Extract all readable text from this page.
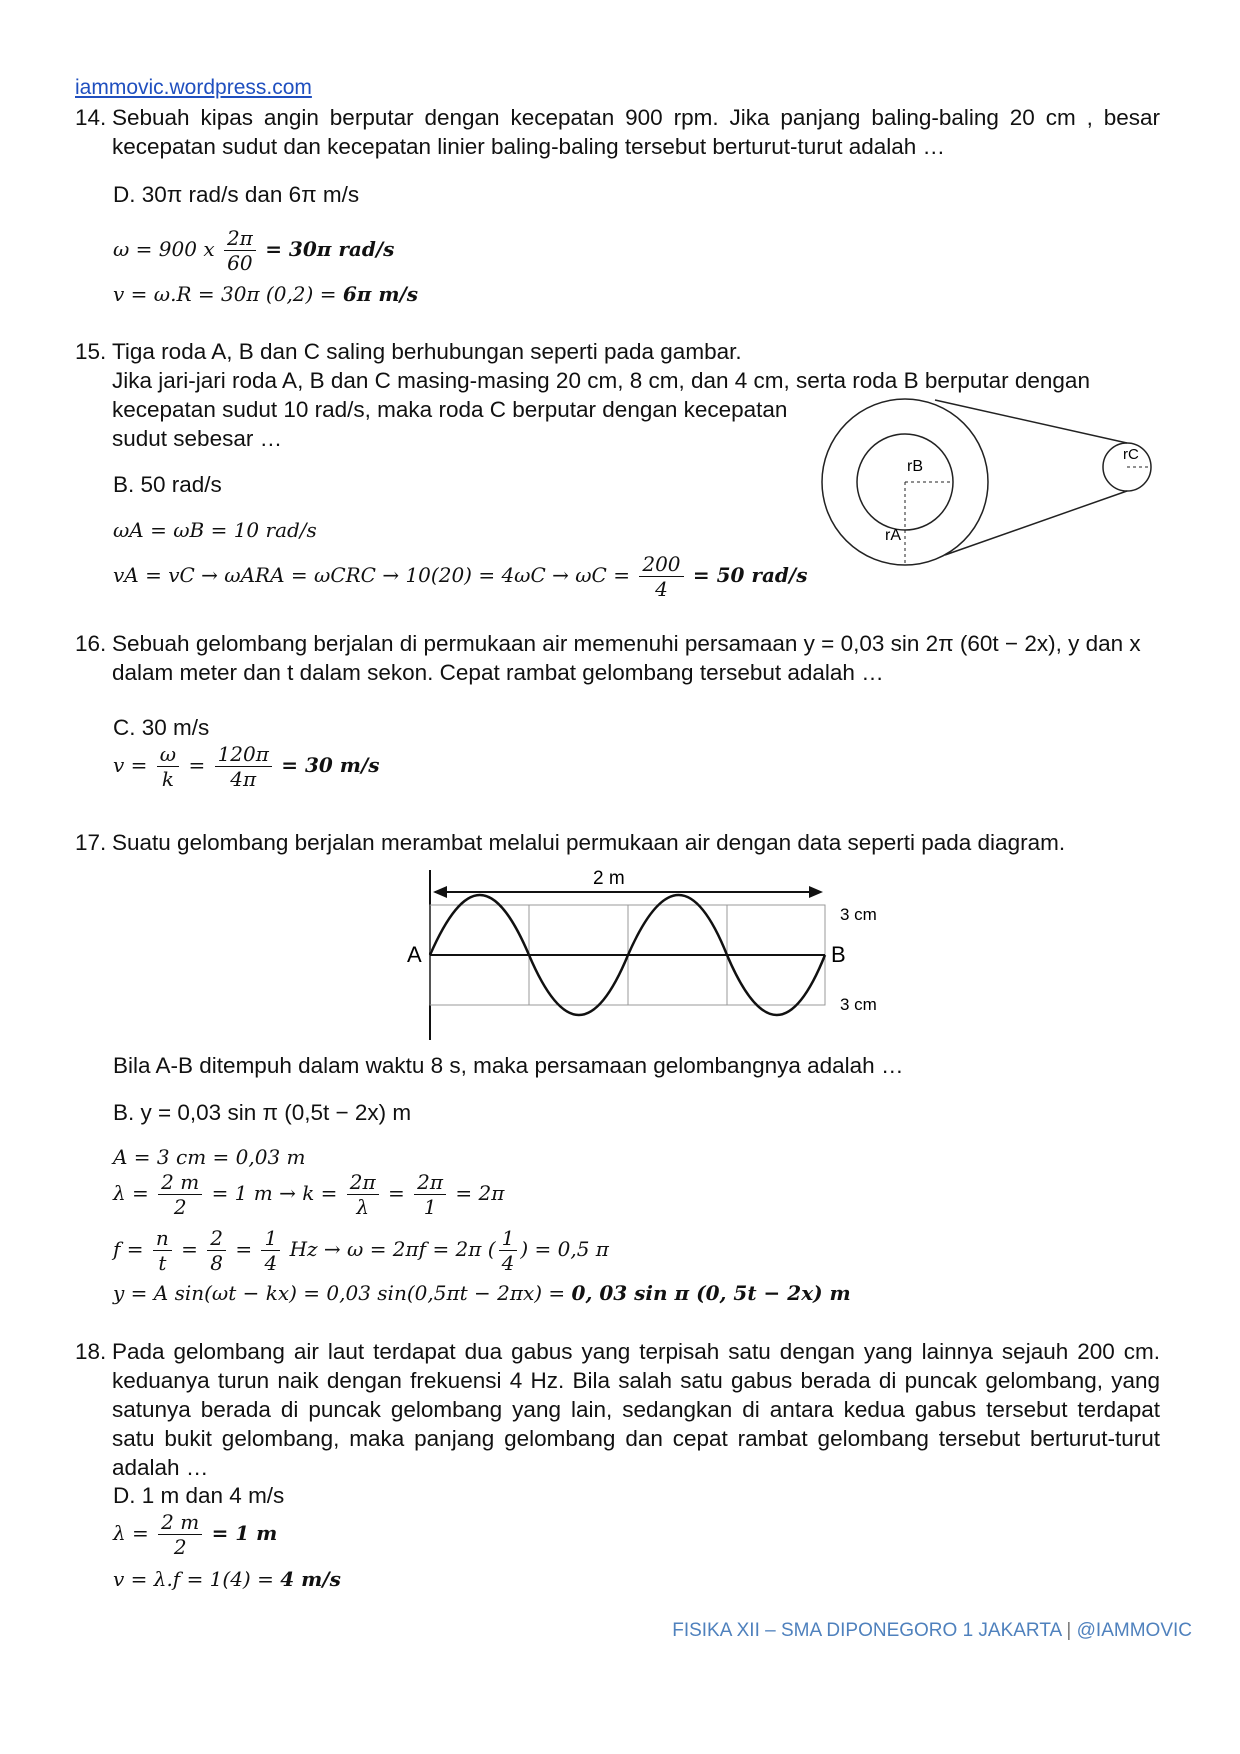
iammovic.wordpress.com
14. Sebuah kipas angin berputar dengan kecepatan 900 rpm. Jika panjang baling-baling 20 cm , besar kecepatan sudut dan kecepatan linier baling-baling tersebut berturut-turut adalah …
D. 30π rad/s dan 6π m/s
ω = 900 x $\frac{2\pi}{60} = 30\pi$ rad/s
v = ω.R = 30π (0,2) = 6π m/s
15. Tiga roda A, B dan C saling berhubungan seperti pada gambar.
Jika jari-jari roda A, B dan C masing-masing 20 cm, 8 cm, dan 4 cm, serta roda B berputar dengan
kecepatan sudut 10 rad/s, maka roda C berputar dengan kecepatan
sudut sebesar …
B. 50 rad/s
rB
rA
rC
ωA = ωB = 10 rad/s
vA = vC → $\omega ARA = \omega CRC \to 10(20) = 4\omega C \to \omega C = \frac{200}{4} = 50$ rad/s
16. Sebuah gelombang berjalan di permukaan air memenuhi persamaan y = 0,03 sin 2π (60t − 2x), y dan x
dalam meter dan t dalam sekon. Cepat rambat gelombang tersebut adalah …
C. 30 m/s
$v = \frac{\omega}{k} = \frac{120\pi}{4\pi} = 30$ m/s
17. Suatu gelombang berjalan merambat melalui permukaan air dengan data seperti pada diagram.
2 m
A	B
3 cm
3 cm
Bila A-B ditempuh dalam waktu 8 s, maka persamaan gelombangnya adalah …
B. y = 0,03 sin π (0,5t − 2x) m
A = 3 cm = 0,03 m
$\lambda = \frac{2 m}{2} = 1$ $m \to k = \frac{2\pi}{\lambda} = \frac{2\pi}{1} = 2\pi$
$f = \frac{n}{t} = \frac{2}{8} = \frac{1}{4}$ Hz → ω = 2πf = 2π ( $\frac{1}{4}$ ) = 0,5 π
y = A sin(ωt − kx) = 0,03 sin(0,5πt − 2πx) = 0, 03 sin π (0, 5t − 2x) m
18. Pada gelombang air laut terdapat dua gabus yang terpisah satu dengan yang lainnya sejauh 200 cm. keduanya turun naik dengan frekuensi 4 Hz. Bila salah satu gabus berada di puncak gelombang, yang satunya berada di puncak gelombang yang lain, sedangkan di antara kedua gabus tersebut terdapat satu bukit gelombang, maka panjang gelombang dan cepat rambat gelombang tersebut berturut-turut adalah …
D. 1 m dan 4 m/s
$\lambda = \frac{2 m}{2} = 1$ m
v = λ.f = 1(4) = 4 m/s
FISIKA XII – SMA DIPONEGORO 1 JAKARTA | @IAMMOVIC
